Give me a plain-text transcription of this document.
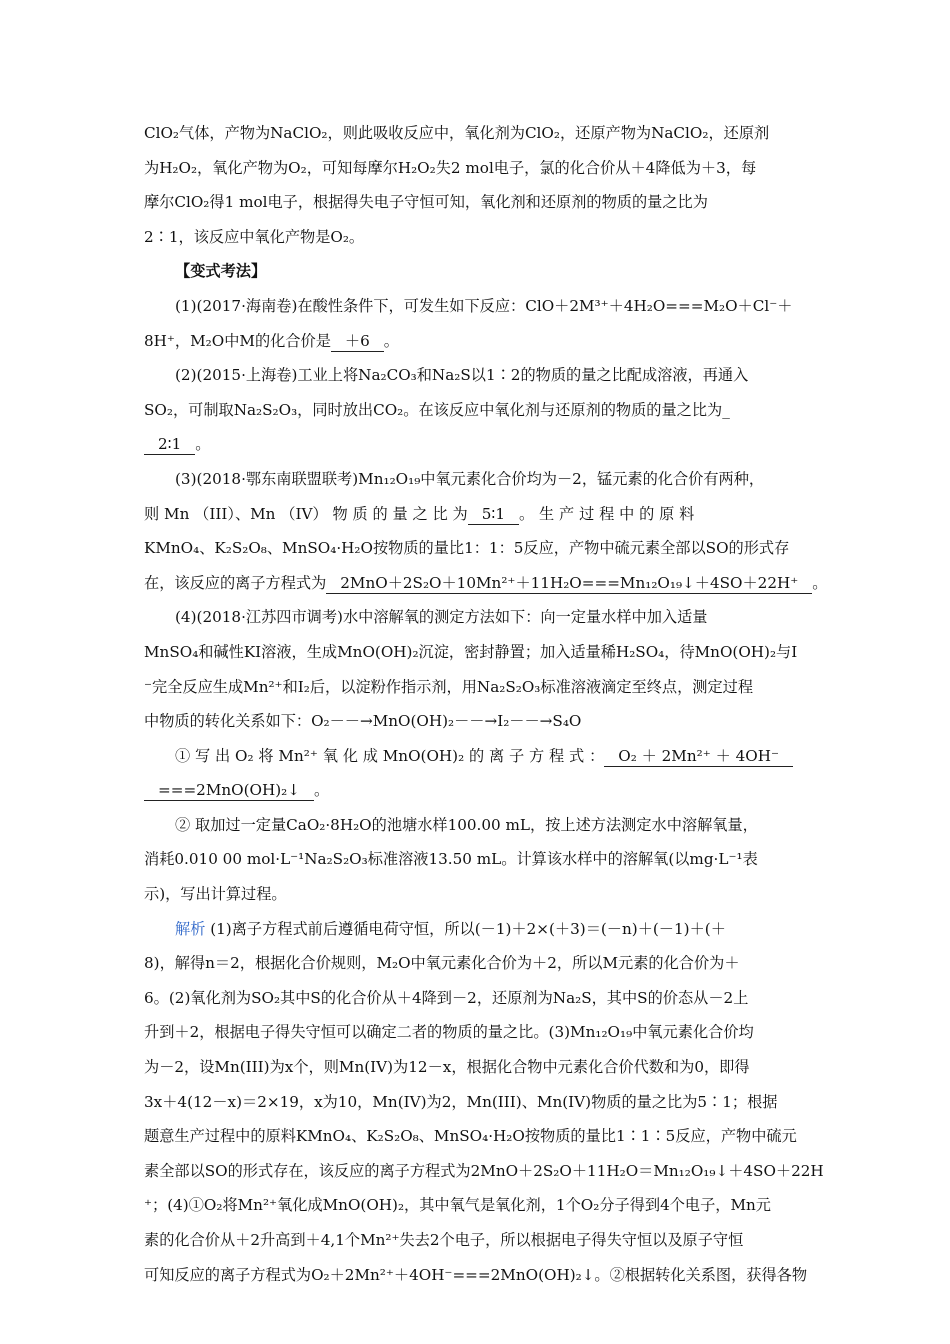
ClO₂气体，产物为NaClO₂，则此吸收反应中，氧化剂为ClO₂，还原产物为NaClO₂，还原剂
为H₂O₂，氧化产物为O₂，可知每摩尔H₂O₂失2 mol电子，氯的化合价从＋4降低为＋3，每
摩尔ClO₂得1 mol电子，根据得失电子守恒可知，氧化剂和还原剂的物质的量之比为
2∶1，该反应中氧化产物是O₂。
【变式考法】
(1)(2017·海南卷)在酸性条件下，可发生如下反应：ClO＋2M³⁺＋4H₂O===M₂O＋Cl⁻＋
8H⁺，M₂O中M的化合价是 ＋6 。
(2)(2015·上海卷)工业上将Na₂CO₃和Na₂S以1∶2的物质的量之比配成溶液，再通入
SO₂，可制取Na₂S₂O₃，同时放出CO₂。在该反应中氧化剂与还原剂的物质的量之比为_
2∶1 。
(3)(2018·鄂东南联盟联考)Mn₁₂O₁₉中氧元素化合价均为－2，锰元素的化合价有两种，
则 Mn （III）、Mn （IV） 物 质 的 量 之 比 为 5∶1 。 生 产 过 程 中 的 原 料
KMnO₄、K₂S₂O₈、MnSO₄·H₂O按物质的量比1：1：5反应，产物中硫元素全部以SO的形式存
在，该反应的离子方程式为 2MnO＋2S₂O＋10Mn²⁺＋11H₂O===Mn₁₂O₁₉↓＋4SO＋22H⁺ 。
(4)(2018·江苏四市调考)水中溶解氧的测定方法如下：向一定量水样中加入适量
MnSO₄和碱性KI溶液，生成MnO(OH)₂沉淀，密封静置；加入适量稀H₂SO₄，待MnO(OH)₂与I
⁻完全反应生成Mn²⁺和I₂后，以淀粉作指示剂，用Na₂S₂O₃标准溶液滴定至终点，测定过程
中物质的转化关系如下：O₂－－→MnO(OH)₂－－→I₂－－→S₄O
① 写 出 O₂ 将 Mn²⁺ 氧 化 成 MnO(OH)₂ 的 离 子 方 程 式 ： O₂ ＋ 2Mn²⁺ ＋ 4OH⁻
===2MnO(OH)₂↓ 。
② 取加过一定量CaO₂·8H₂O的池塘水样100.00 mL，按上述方法测定水中溶解氧量，
消耗0.010 00 mol·L⁻¹Na₂S₂O₃标准溶液13.50 mL。计算该水样中的溶解氧(以mg·L⁻¹表
示)，写出计算过程。
解析 (1)离子方程式前后遵循电荷守恒，所以(－1)＋2×(＋3)＝(－n)＋(－1)＋(＋
8)，解得n＝2，根据化合价规则，M₂O中氧元素化合价为＋2，所以M元素的化合价为＋
6。(2)氧化剂为SO₂其中S的化合价从＋4降到－2，还原剂为Na₂S，其中S的价态从－2上
升到＋2，根据电子得失守恒可以确定二者的物质的量之比。(3)Mn₁₂O₁₉中氧元素化合价均
为－2，设Mn(III)为x个，则Mn(IV)为12－x，根据化合物中元素化合价代数和为0，即得
3x＋4(12－x)＝2×19，x为10，Mn(IV)为2，Mn(III)、Mn(IV)物质的量之比为5∶1；根据
题意生产过程中的原料KMnO₄、K₂S₂O₈、MnSO₄·H₂O按物质的量比1∶1∶5反应，产物中硫元
素全部以SO的形式存在，该反应的离子方程式为2MnO＋2S₂O＋11H₂O＝Mn₁₂O₁₉↓＋4SO＋22H
⁺；(4)①O₂将Mn²⁺氧化成MnO(OH)₂，其中氧气是氧化剂，1个O₂分子得到4个电子，Mn元
素的化合价从＋2升高到＋4,1个Mn²⁺失去2个电子，所以根据电子得失守恒以及原子守恒
可知反应的离子方程式为O₂＋2Mn²⁺＋4OH⁻===2MnO(OH)₂↓。②根据转化关系图，获得各物
